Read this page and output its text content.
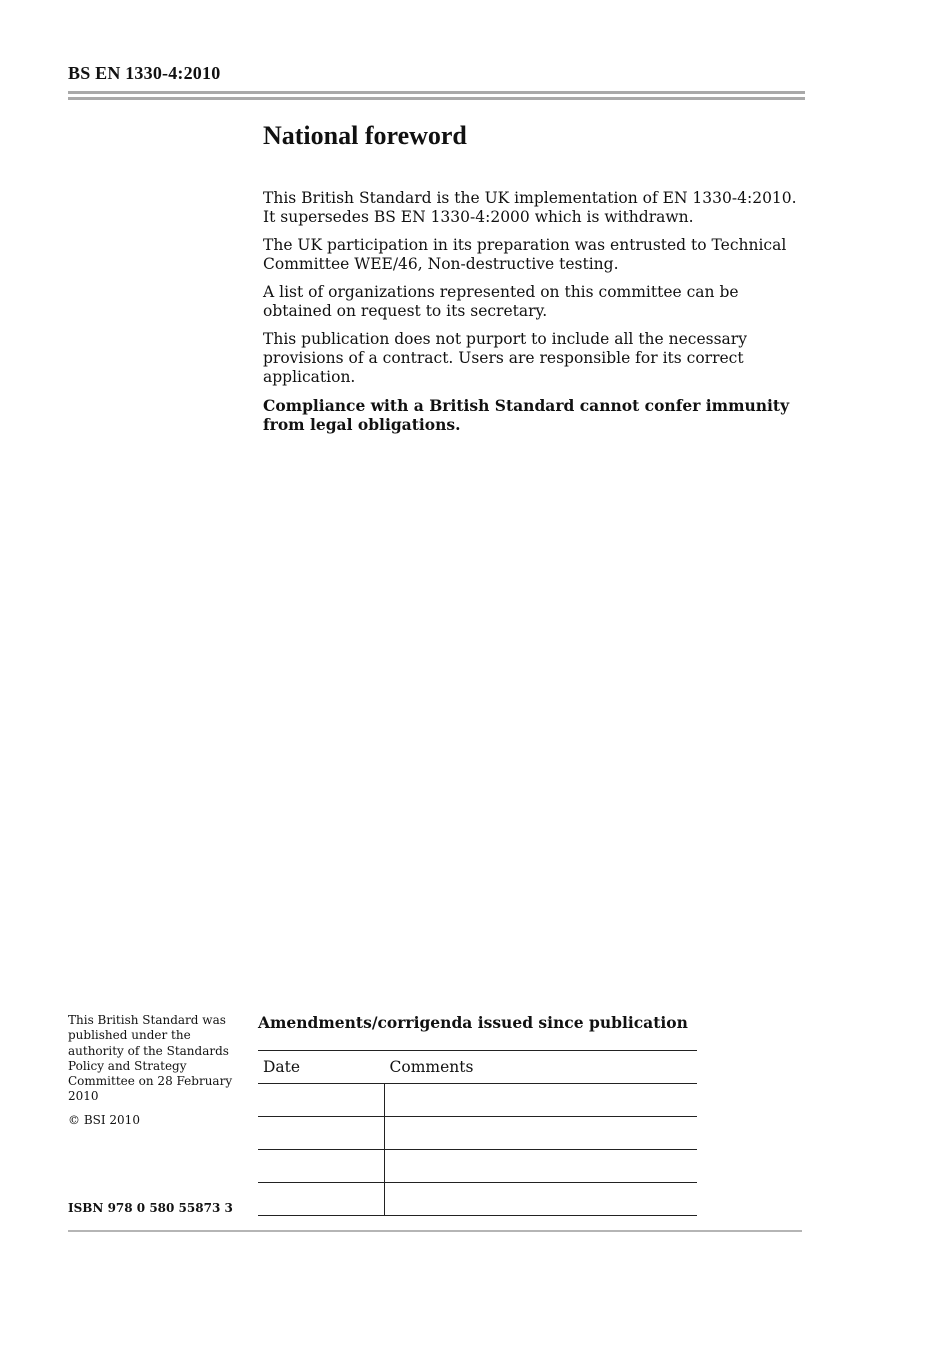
BS EN 1330-4:2010
National foreword

This British Standard is the UK implementation of EN 1330-4:2010. It supersedes BS EN 1330-4:2000 which is withdrawn.

The UK participation in its preparation was entrusted to Technical Committee WEE/46, Non-destructive testing.

A list of organizations represented on this committee can be obtained on request to its secretary.

This publication does not purport to include all the necessary provisions of a contract. Users are responsible for its correct application.

Compliance with a British Standard cannot confer immunity from legal obligations.

This British Standard was published under the authority of the Standards Policy and Strategy Committee on 28 February 2010

© BSI 2010

ISBN 978 0 580 55873 3
Amendments/corrigenda issued since publication
Date	Comments
